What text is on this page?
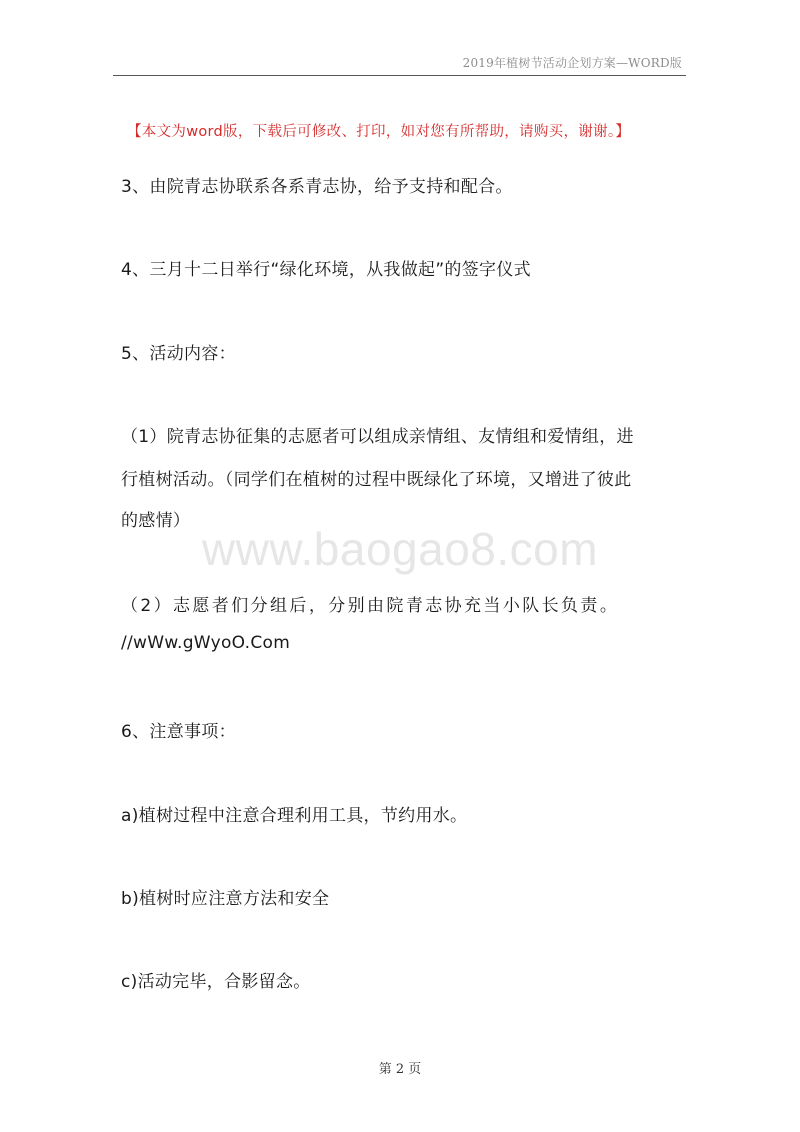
2019年植树节活动企划方案—WORD版
【本文为word版，下载后可修改、打印，如对您有所帮助，请购买，谢谢。】
3、由院青志协联系各系青志协，给予支持和配合。
4、三月十二日举行“绿化环境，从我做起”的签字仪式
5、活动内容：
（1）院青志协征集的志愿者可以组成亲情组、友情组和爱情组，进
行植树活动。（同学们在植树的过程中既绿化了环境，又增进了彼此
的感情）
www.baogao8.com
（2）志愿者们分组后，分别由院青志协充当小队长负责。
//wWw.gWyoO.Com
6、注意事项：
a)植树过程中注意合理利用工具，节约用水。
b)植树时应注意方法和安全
c)活动完毕，合影留念。
第 2 页
